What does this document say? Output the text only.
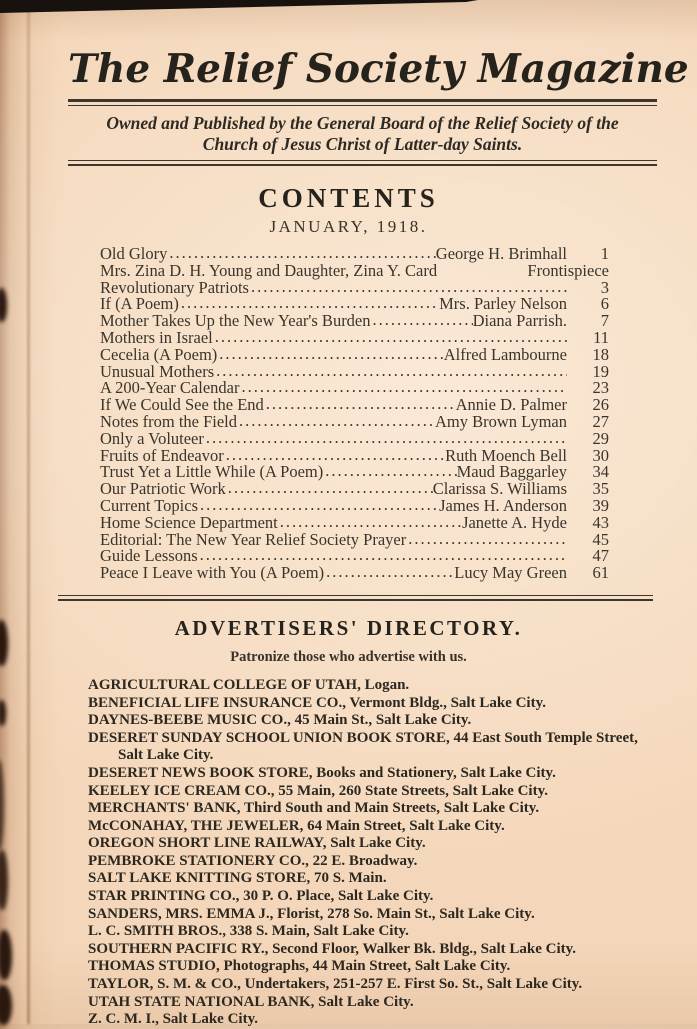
The Relief Society Magazine
Owned and Published by the General Board of the Relief Society of the
Church of Jesus Christ of Latter-day Saints.
CONTENTS
JANUARY, 1918.
Old Glory .....	George H. Brimhall	1
Mrs. Zina D. H. Young and Daughter, Zina Y. Card	Frontispiece
Revolutionary Patriots .....	3
If (A Poem) .....	Mrs. Parley Nelson	6
Mother Takes Up the New Year's Burden .....	Diana Parrish.	7
Mothers in Israel .....	11
Cecelia (A Poem) .....	Alfred Lambourne	18
Unusual Mothers .....	19
A 200-Year Calendar .....	23
If We Could See the End .....	Annie D. Palmer	26
Notes from the Field .....	Amy Brown Lyman	27
Only a Voluteer .....	29
Fruits of Endeavor .....	Ruth Moench Bell	30
Trust Yet a Little While (A Poem) .....	Maud Baggarley	34
Our Patriotic Work .....	Clarissa S. Williams	35
Current Topics .....	James H. Anderson	39
Home Science Department .....	Janette A. Hyde	43
Editorial: The New Year Relief Society Prayer .....	45
Guide Lessons .....	47
Peace I Leave with You (A Poem) .....	Lucy May Green	61
ADVERTISERS' DIRECTORY.
Patronize those who advertise with us.
AGRICULTURAL COLLEGE OF UTAH, Logan.
BENEFICIAL LIFE INSURANCE CO., Vermont Bldg., Salt Lake City.
DAYNES-BEEBE MUSIC CO., 45 Main St., Salt Lake City.
DESERET SUNDAY SCHOOL UNION BOOK STORE, 44 East South Temple Street, Salt Lake City.
DESERET NEWS BOOK STORE, Books and Stationery, Salt Lake City.
KEELEY ICE CREAM CO., 55 Main, 260 State Streets, Salt Lake City.
MERCHANTS' BANK, Third South and Main Streets, Salt Lake City.
McCONAHAY, THE JEWELER, 64 Main Street, Salt Lake City.
OREGON SHORT LINE RAILWAY, Salt Lake City.
PEMBROKE STATIONERY CO., 22 E. Broadway.
SALT LAKE KNITTING STORE, 70 S. Main.
STAR PRINTING CO., 30 P. O. Place, Salt Lake City.
SANDERS, MRS. EMMA J., Florist, 278 So. Main St., Salt Lake City.
L. C. SMITH BROS., 338 S. Main, Salt Lake City.
SOUTHERN PACIFIC RY., Second Floor, Walker Bk. Bldg., Salt Lake City.
THOMAS STUDIO, Photographs, 44 Main Street, Salt Lake City.
TAYLOR, S. M. & CO., Undertakers, 251-257 E. First So. St., Salt Lake City.
UTAH STATE NATIONAL BANK, Salt Lake City.
Z. C. M. I., Salt Lake City.
